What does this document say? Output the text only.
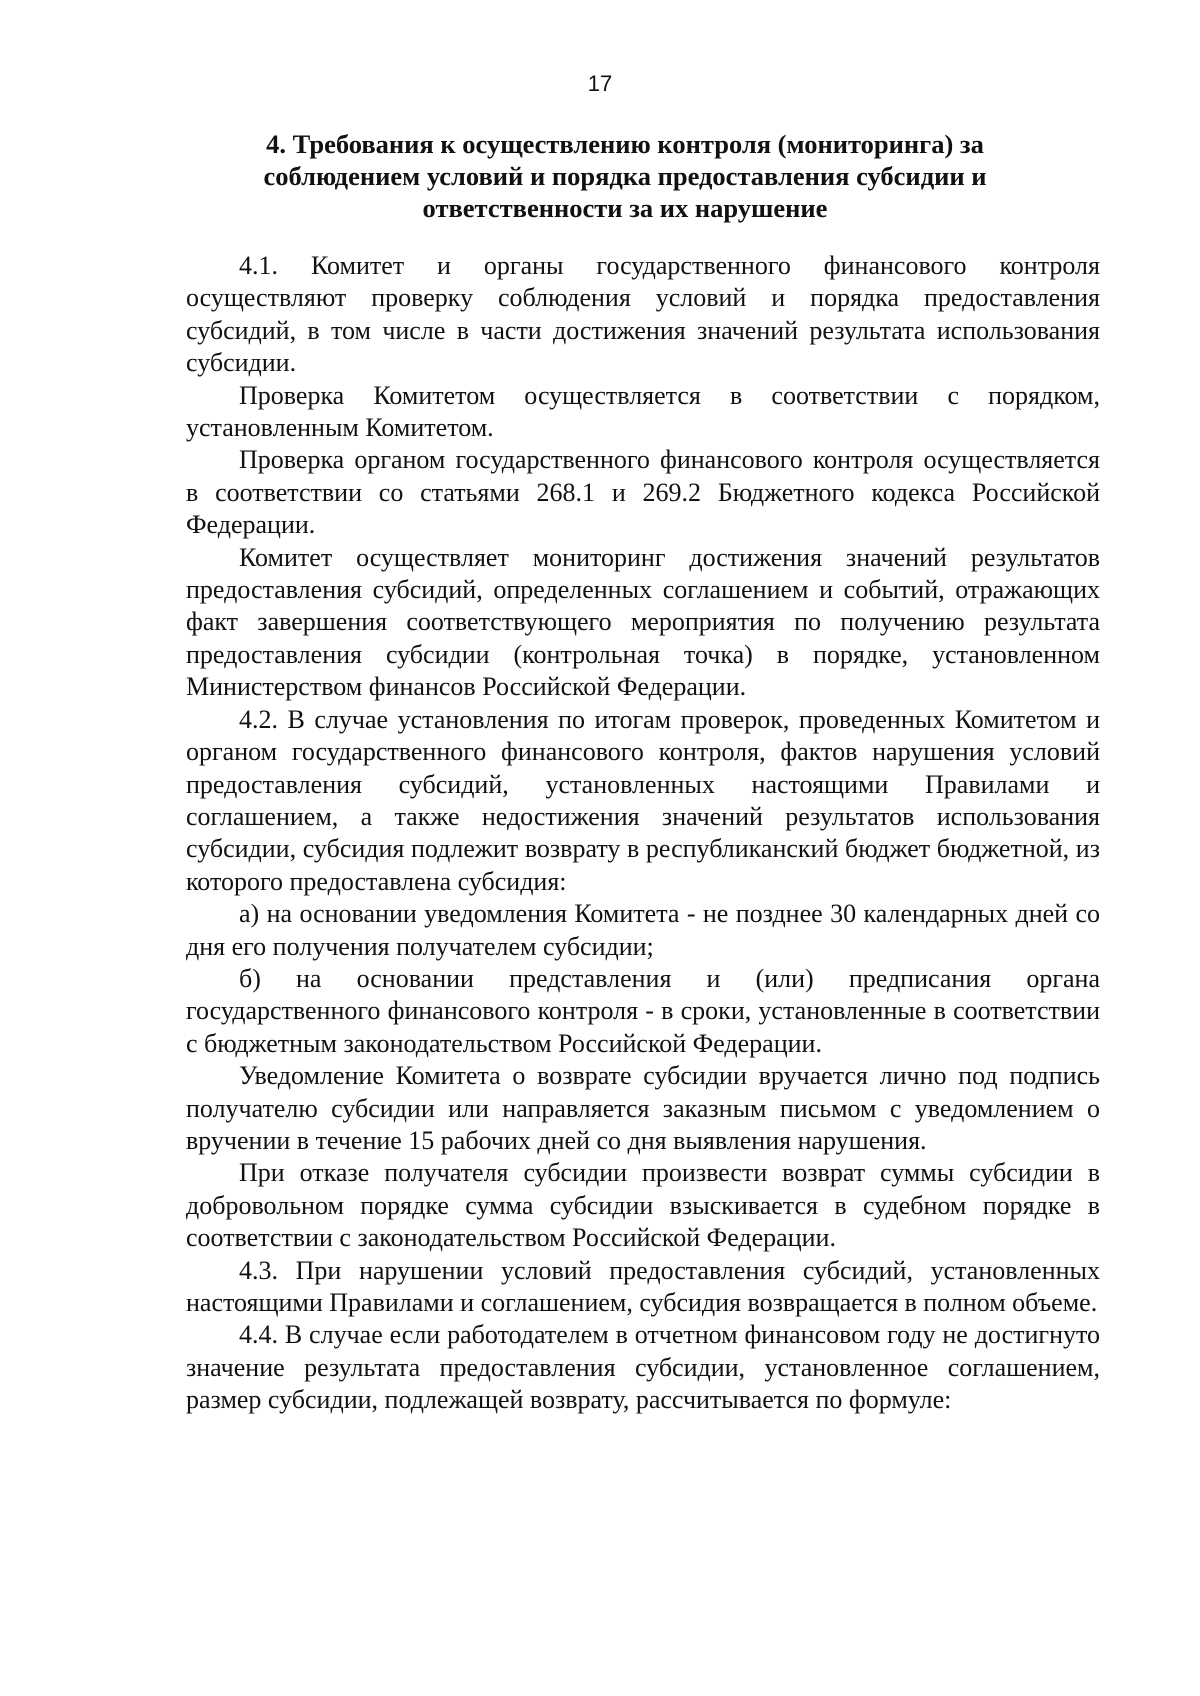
17
4. Требования к осуществлению контроля (мониторинга) за
соблюдением условий и порядка предоставления субсидии и
ответственности за их нарушение

4.1. Комитет и органы государственного финансового контроля осуществляют проверку соблюдения условий и порядка предоставления субсидий, в том числе в части достижения значений результата использования субсидии.

Проверка Комитетом осуществляется в соответствии с порядком, установленным Комитетом.

Проверка органом государственного финансового контроля осуществляется в соответствии со статьями 268.1 и 269.2 Бюджетного кодекса Российской Федерации.

Комитет осуществляет мониторинг достижения значений результатов предоставления субсидий, определенных соглашением и событий, отражающих факт завершения соответствующего мероприятия по получению результата предоставления субсидии (контрольная точка) в порядке, установленном Министерством финансов Российской Федерации.

4.2. В случае установления по итогам проверок, проведенных Комитетом и органом государственного финансового контроля, фактов нарушения условий предоставления субсидий, установленных настоящими Правилами и соглашением, а также недостижения значений результатов использования субсидии, субсидия подлежит возврату в республиканский бюджет бюджетной, из которого предоставлена субсидия:

а) на основании уведомления Комитета - не позднее 30 календарных дней со дня его получения получателем субсидии;

б) на основании представления и (или) предписания органа государственного финансового контроля - в сроки, установленные в соответствии с бюджетным законодательством Российской Федерации.

Уведомление Комитета о возврате субсидии вручается лично под подпись получателю субсидии или направляется заказным письмом с уведомлением о вручении в течение 15 рабочих дней со дня выявления нарушения.

При отказе получателя субсидии произвести возврат суммы субсидии в добровольном порядке сумма субсидии взыскивается в судебном порядке в соответствии с законодательством Российской Федерации.

4.3. При нарушении условий предоставления субсидий, установленных настоящими Правилами и соглашением, субсидия возвращается в полном объеме.

4.4. В случае если работодателем в отчетном финансовом году не достигнуто значение результата предоставления субсидии, установленное соглашением, размер субсидии, подлежащей возврату, рассчитывается по формуле:
